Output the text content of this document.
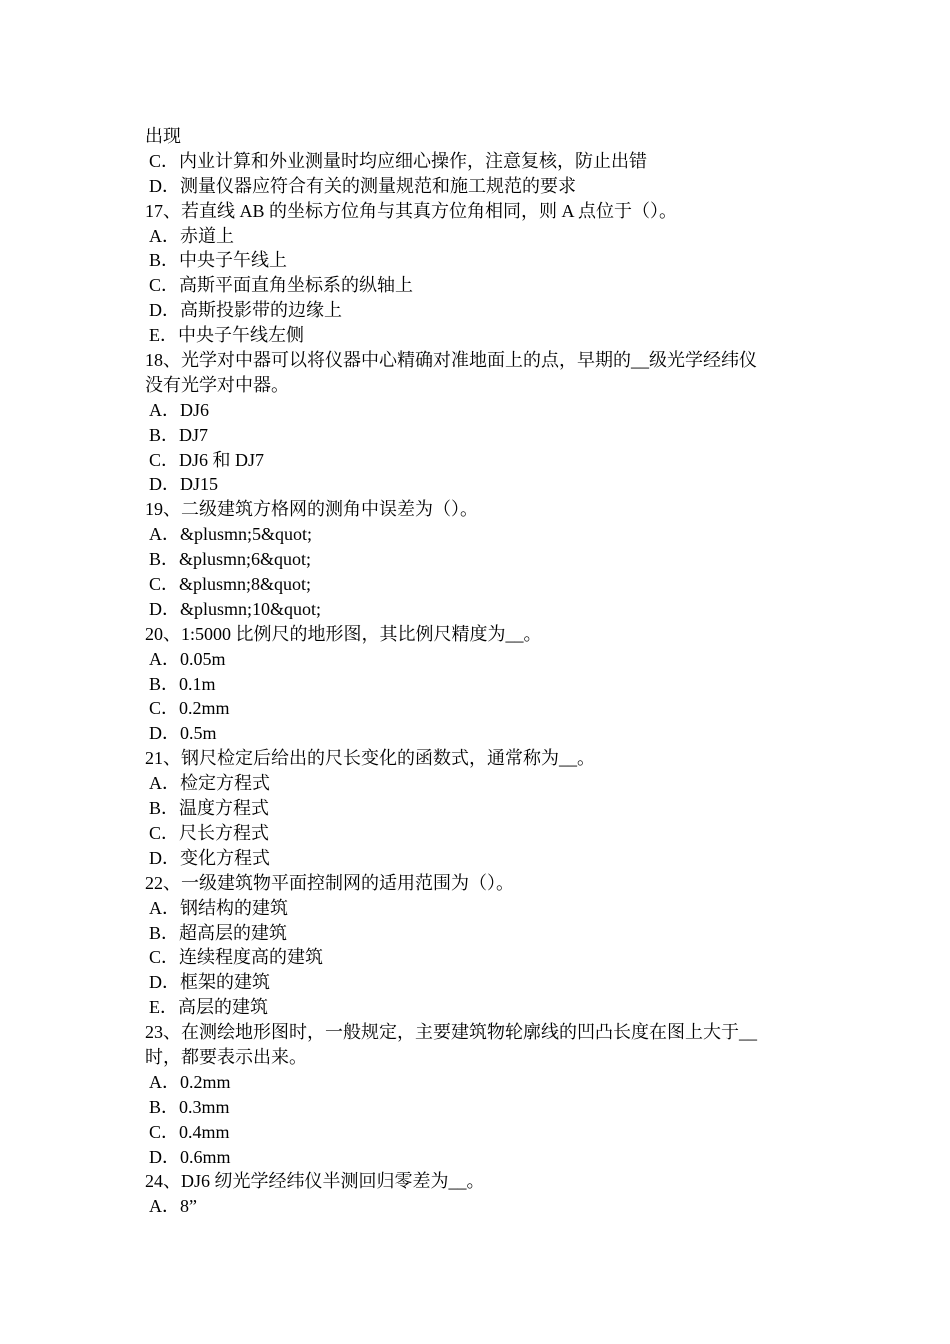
出现
C．内业计算和外业测量时均应细心操作，注意复核，防止出错
D．测量仪器应符合有关的测量规范和施工规范的要求
17、若直线 AB 的坐标方位角与其真方位角相同，则 A 点位于（）。
A．赤道上
B．中央子午线上
C．高斯平面直角坐标系的纵轴上
D．高斯投影带的边缘上
E．中央子午线左侧
18、光学对中器可以将仪器中心精确对准地面上的点，早期的__级光学经纬仪
没有光学对中器。
A．DJ6
B．DJ7
C．DJ6 和 DJ7
D．DJ15
19、二级建筑方格网的测角中误差为（）。
A．&plusmn;5&quot;
B．&plusmn;6&quot;
C．&plusmn;8&quot;
D．&plusmn;10&quot;
20、1:5000 比例尺的地形图，其比例尺精度为__。
A．0.05m
B．0.1m
C．0.2mm
D．0.5m
21、钢尺检定后给出的尺长变化的函数式，通常称为__。
A．检定方程式
B．温度方程式
C．尺长方程式
D．变化方程式
22、一级建筑物平面控制网的适用范围为（）。
A．钢结构的建筑
B．超高层的建筑
C．连续程度高的建筑
D．框架的建筑
E．高层的建筑
23、在测绘地形图时，一般规定，主要建筑物轮廓线的凹凸长度在图上大于__
时，都要表示出来。
A．0.2mm
B．0.3mm
C．0.4mm
D．0.6mm
24、DJ6 纫光学经纬仪半测回归零差为__。
A．8”
